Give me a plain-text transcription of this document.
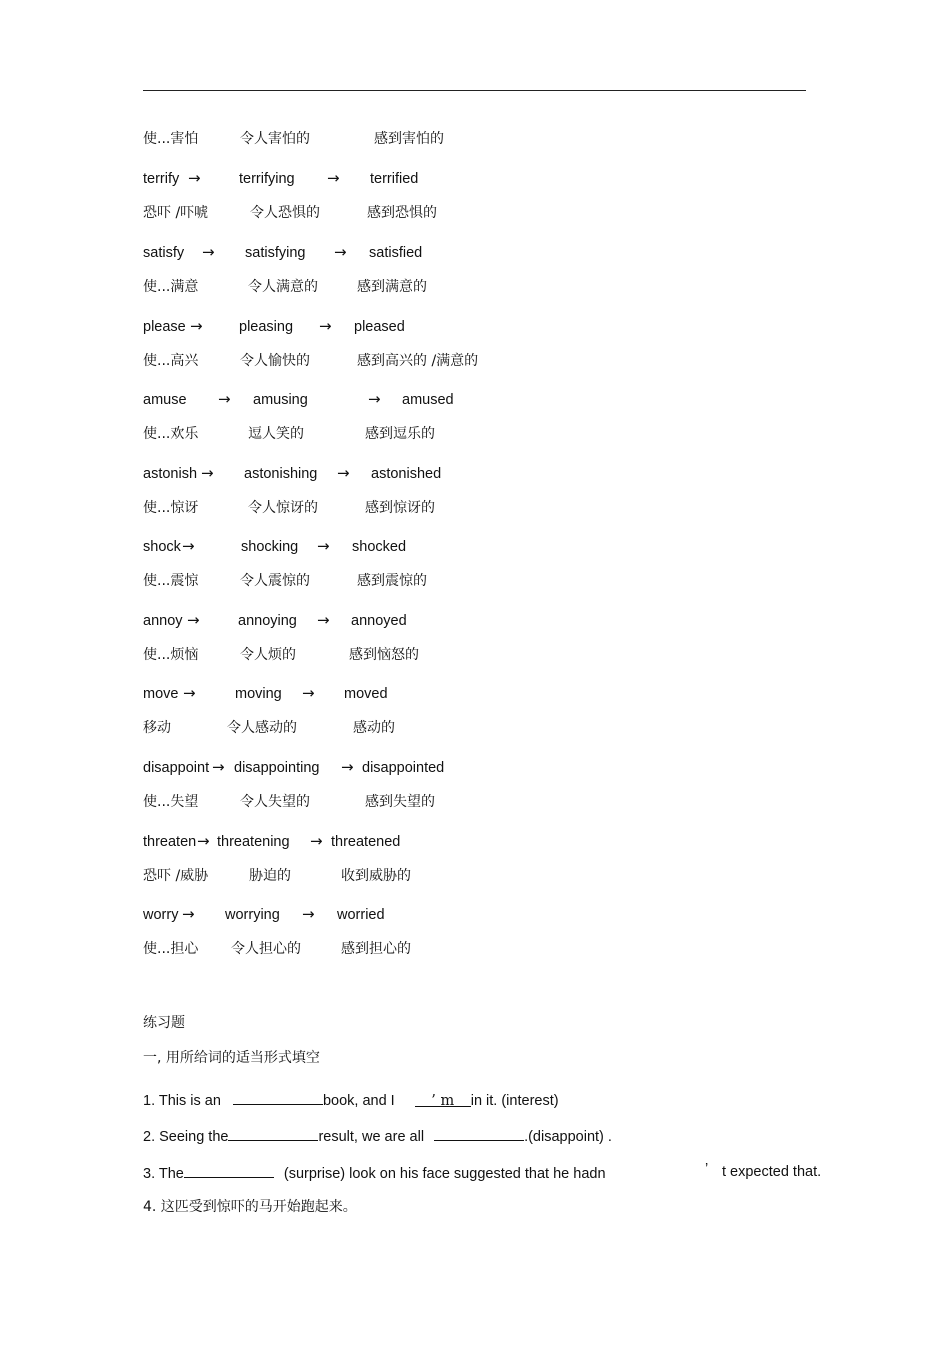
使...害怕	令人害怕的	感到害怕的
terrify	terrifying	terrified
→	→
恐吓 /吓唬	令人恐惧的	感到恐惧的
satisfy	satisfying	satisfied
→	→
使...满意	令人满意的	感到满意的
please	pleasing	pleased
→	→
使...高兴	令人愉快的	感到高兴的 /满意的
amuse	amusing	amused
→	→
使...欢乐	逗人笑的	感到逗乐的
astonish	astonishing	astonished
→	→
使...惊讶	令人惊讶的	感到惊讶的
shock	shocking	shocked
→	→
使...震惊	令人震惊的	感到震惊的
annoy	annoying	annoyed
→	→
使...烦恼	令人烦的	感到恼怒的
move	moving	moved
→	→
移动	令人感动的	感动的
disappoint disappointing	disappointed
→	→
使...失望	令人失望的	感到失望的
threaten threatening	threatened
→	→
恐吓 /威胁	胁迫的	收到威胁的
worry	worrying	worried
→	→
使...担心 令人担心的	感到担心的
练习题
一, 用所给词的适当形式填空
1. This is an	book, and I	’ m in it. (interest)
2. Seeing the	result, we are all	.(disappoint) .
3. The	(surprise) look on his face suggested that he hadn	’ t expected that.
4. 这匹受到惊吓的马开始跑起来。
